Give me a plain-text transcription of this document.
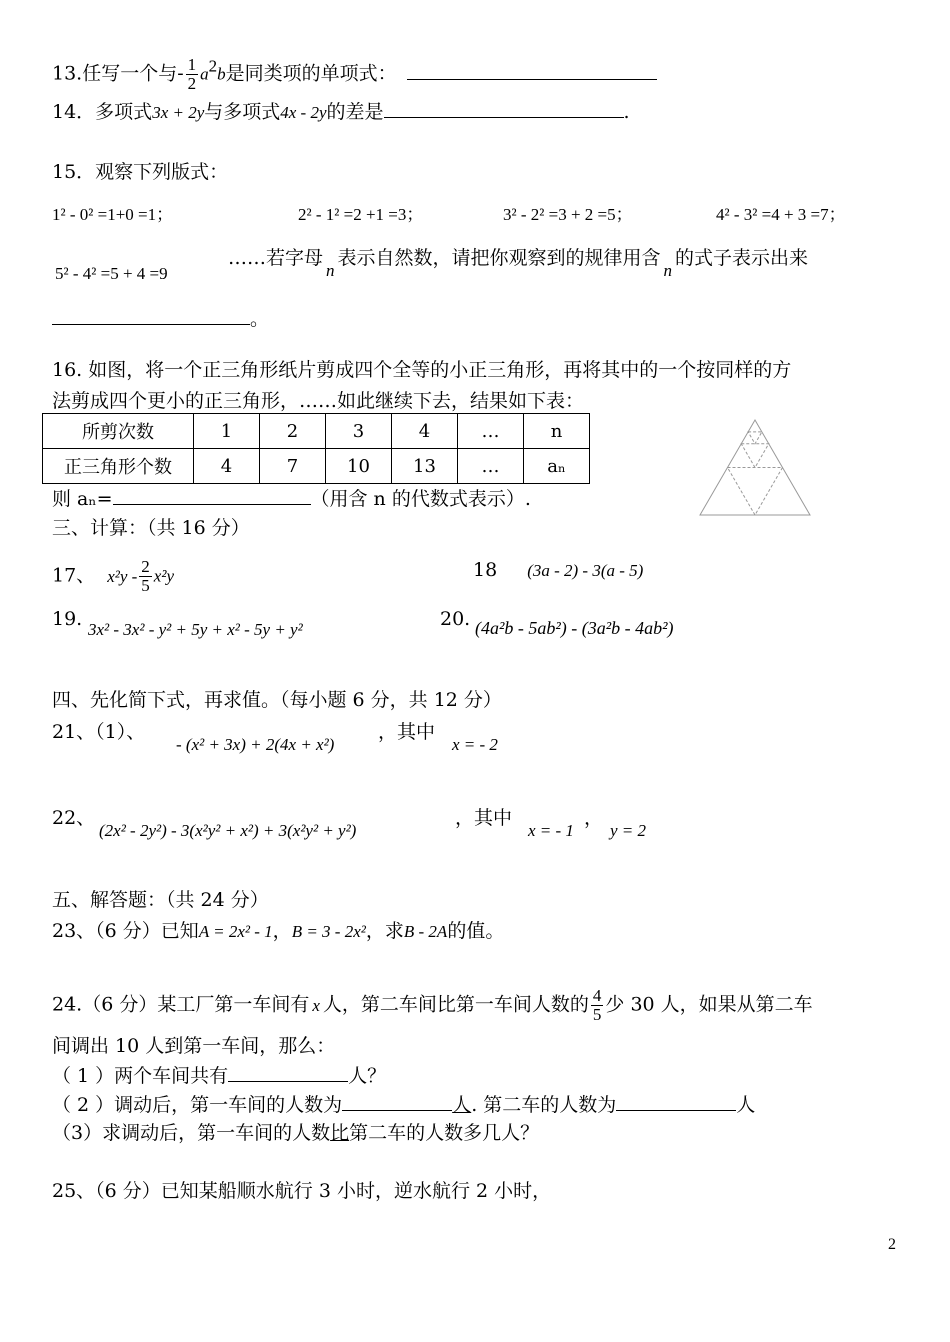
13.任写一个与- $\frac{1}{2} a^2b$是同类项的单项式：
14．多项式3x + 2y与多项式4x - 2y的差是	.
15．观察下列版式：
1² - 0² =1+0 =1；	2² - 1² =2 +1 =3；	3² - 2² =3 + 2 =5；	4² - 3² =4 + 3 =7；
5² - 4² =5 + 4 =9
……若字母n表示自然数，请把你观察到的规律用含n的式子表示出来
。
16. 如图，将一个正三角形纸片剪成四个全等的小正三角形，再将其中的一个按同样的方
法剪成四个更小的正三角形，……如此继续下去，结果如下表：
所剪次数	1	2	3	4	…	n
正三角形个数	4	7	10	13	…	aₙ
则 aₙ=	（用含 n 的代数式表示）.
三、计算：（共 16 分）
17、 $x^2y - \frac{2}{5} x^2y$	18 (3a - 2) - 3(a - 5)
19. 3x² - 3x² - y² + 5y + x² - 5y + y²	20. (4a²b - 5ab²) - (3a²b - 4ab²)
四、先化简下式，再求值。（每小题 6 分，共 12 分）
21、（1）、
- (x² + 3x) + 2(4x + x²)
，其中
x = - 2
22、
(2x² - 2y²) - 3(x²y² + x²) + 3(x²y² + y²)
，其中
x = - 1
，
y = 2
五、解答题：（共 24 分）
23、（6 分）已知A = 2x² - 1，B = 3 - 2x²，求B - 2A的值。
24.（6 分）某工厂第一车间有 x 人，第二车间比第一车间人数的 $\frac{4}{5}$ 少 30 人，如果从第二车
间调出 10 人到第一车间，那么：
（ 1 ）两个车间共有	人？
（ 2 ）调动后，第一车间的人数为	人. 第二车的人数为	人
（3）求调动后，第一车间的人数比第二车的人数多几人？
25、（6 分）已知某船顺水航行 3 小时，逆水航行 2 小时，
2
